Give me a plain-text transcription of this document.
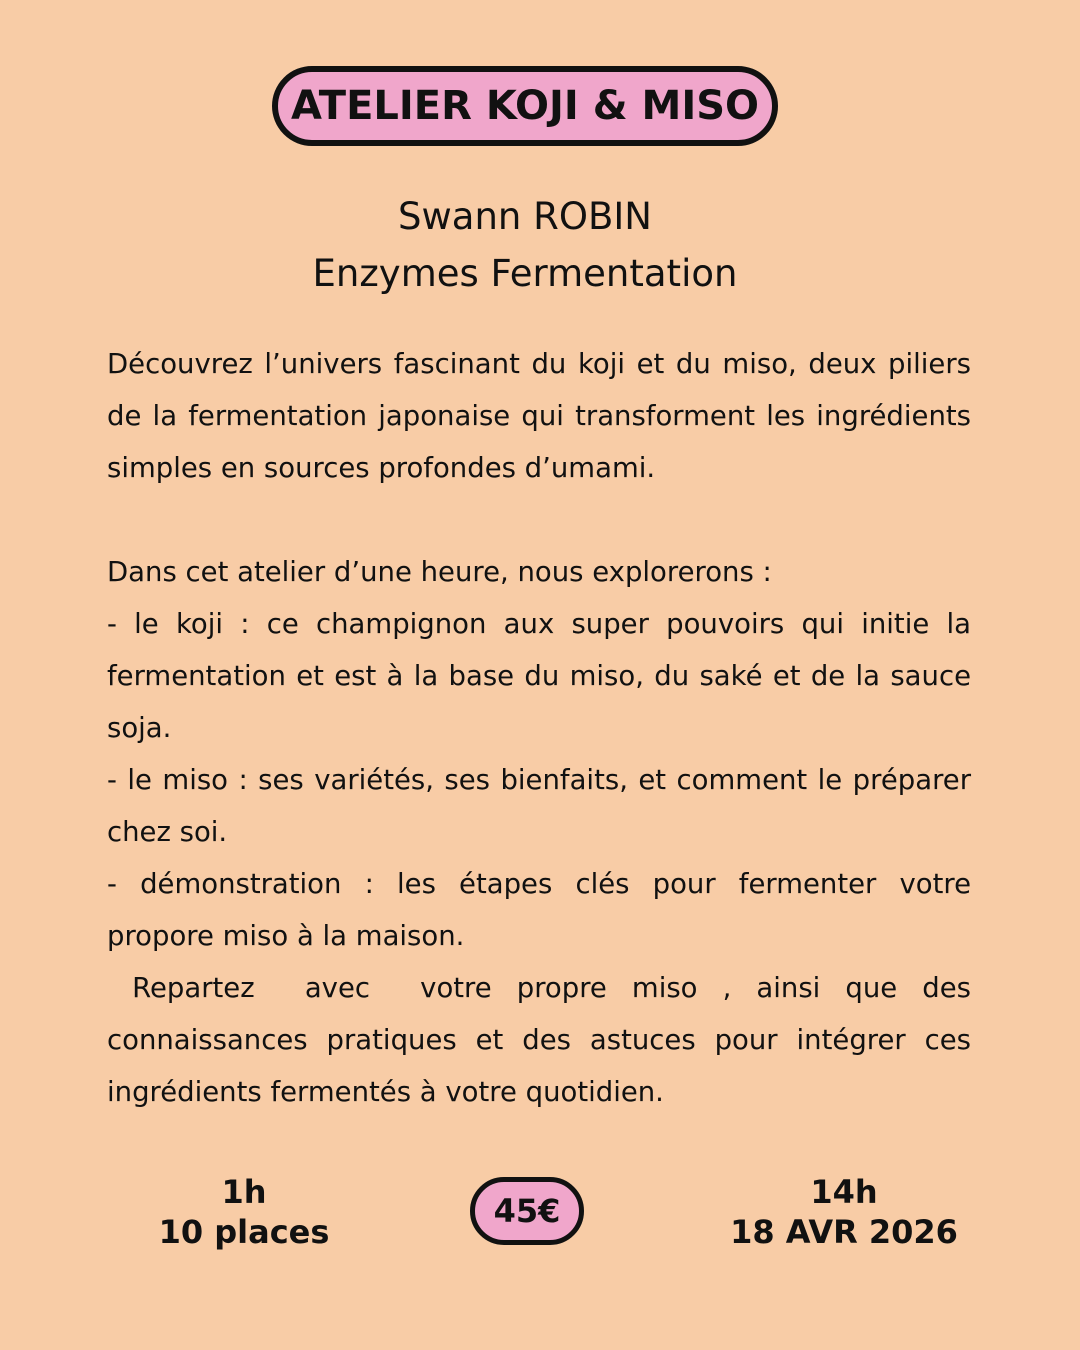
ATELIER KOJI & MISO
Swann ROBIN
Enzymes Fermentation

Découvrez l’univers fascinant du koji et du miso, deux piliers de la fermentation japonaise qui transforment les ingrédients simples en sources profondes d’umami.

Dans cet atelier d’une heure, nous explorerons :

- le koji : ce champignon aux super pouvoirs qui initie la fermentation et est à la base du miso, du saké et de la sauce soja.

- le miso : ses variétés, ses bienfaits, et comment le préparer chez soi.

- démonstration : les étapes clés pour fermenter votre propore miso à la maison.

Repartez  avec  votre propre miso , ainsi que des connaissances pratiques et des astuces pour intégrer ces ingrédients fermentés à votre quotidien.

1h
10 places
45€	14h
18 AVR 2026
